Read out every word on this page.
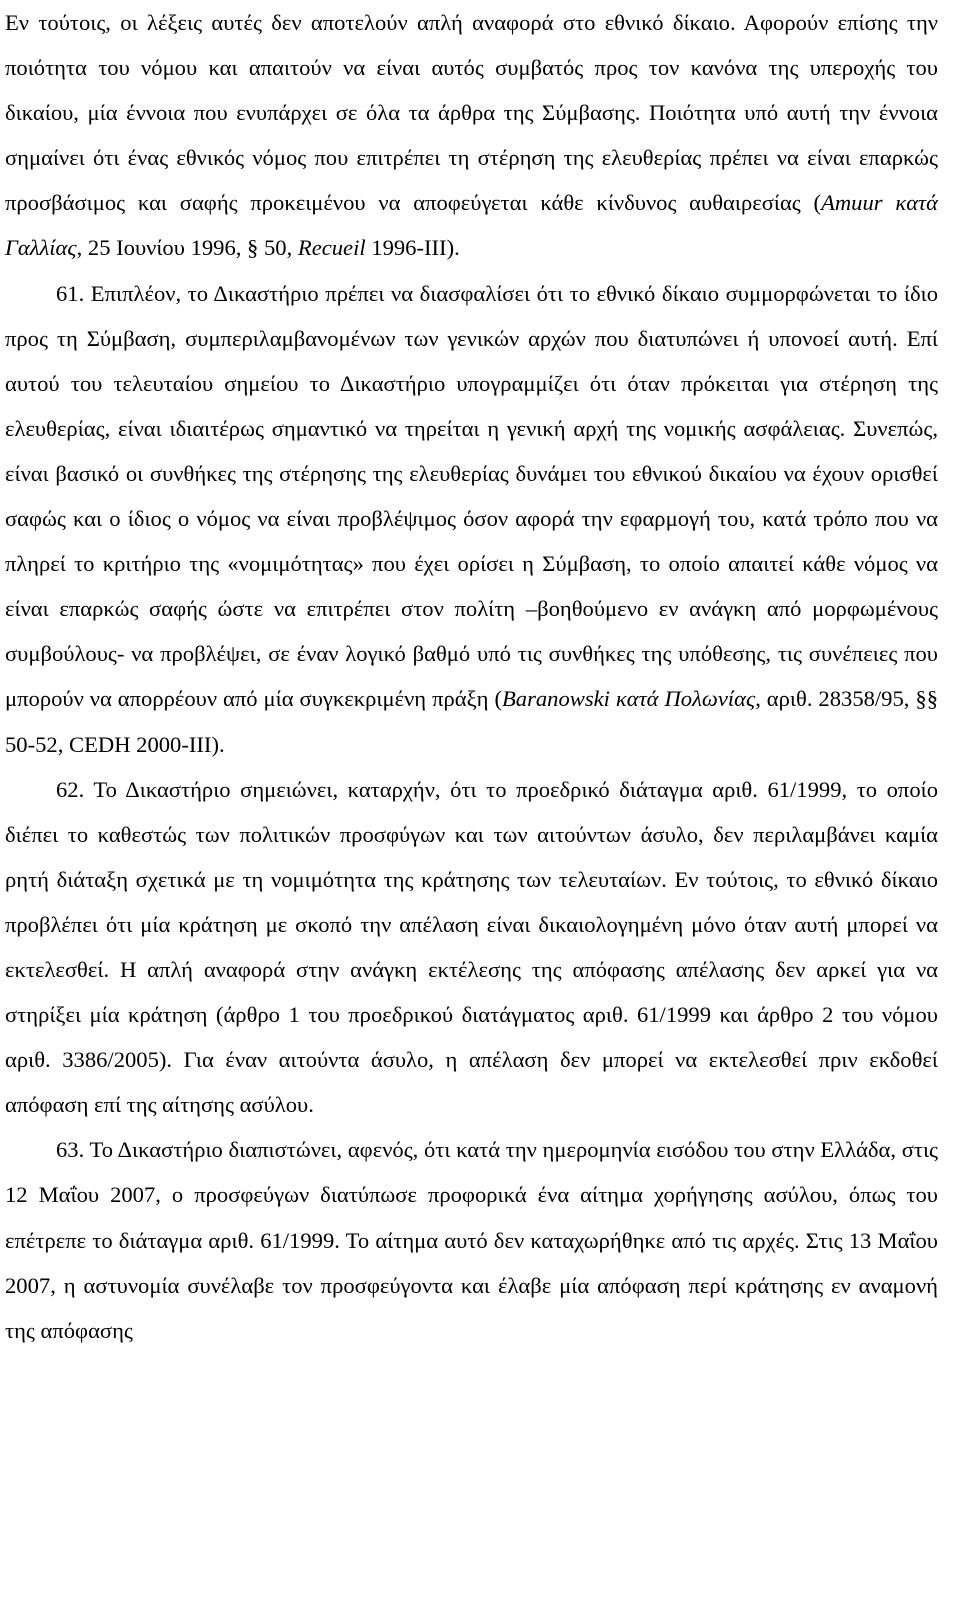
Εν τούτοις, οι λέξεις αυτές δεν αποτελούν απλή αναφορά στο εθνικό δίκαιο. Αφορούν επίσης την ποιότητα του νόμου και απαιτούν να είναι αυτός συμβατός προς τον κανόνα της υπεροχής του δικαίου, μία έννοια που ενυπάρχει σε όλα τα άρθρα της Σύμβασης. Ποιότητα υπό αυτή την έννοια σημαίνει ότι ένας εθνικός νόμος που επιτρέπει τη στέρηση της ελευθερίας πρέπει να είναι επαρκώς προσβάσιμος και σαφής προκειμένου να αποφεύγεται κάθε κίνδυνος αυθαιρεσίας (Amuur κατά Γαλλίας, 25 Ιουνίου 1996, § 50, Recueil 1996-III).

61. Επιπλέον, το Δικαστήριο πρέπει να διασφαλίσει ότι το εθνικό δίκαιο συμμορφώνεται το ίδιο προς τη Σύμβαση, συμπεριλαμβανομένων των γενικών αρχών που διατυπώνει ή υπονοεί αυτή. Επί αυτού του τελευταίου σημείου το Δικαστήριο υπογραμμίζει ότι όταν πρόκειται για στέρηση της ελευθερίας, είναι ιδιαιτέρως σημαντικό να τηρείται η γενική αρχή της νομικής ασφάλειας. Συνεπώς, είναι βασικό οι συνθήκες της στέρησης της ελευθερίας δυνάμει του εθνικού δικαίου να έχουν ορισθεί σαφώς και ο ίδιος ο νόμος να είναι προβλέψιμος όσον αφορά την εφαρμογή του, κατά τρόπο που να πληρεί το κριτήριο της «νομιμότητας» που έχει ορίσει η Σύμβαση, το οποίο απαιτεί κάθε νόμος να είναι επαρκώς σαφής ώστε να επιτρέπει στον πολίτη –βοηθούμενο εν ανάγκη από μορφωμένους συμβούλους- να προβλέψει, σε έναν λογικό βαθμό υπό τις συνθήκες της υπόθεσης, τις συνέπειες που μπορούν να απορρέουν από μία συγκεκριμένη πράξη (Baranowski κατά Πολωνίας, αριθ. 28358/95, §§ 50-52, CEDH 2000-III).

62. Το Δικαστήριο σημειώνει, καταρχήν, ότι το προεδρικό διάταγμα αριθ. 61/1999, το οποίο διέπει το καθεστώς των πολιτικών προσφύγων και των αιτούντων άσυλο, δεν περιλαμβάνει καμία ρητή διάταξη σχετικά με τη νομιμότητα της κράτησης των τελευταίων. Εν τούτοις, το εθνικό δίκαιο προβλέπει ότι μία κράτηση με σκοπό την απέλαση είναι δικαιολογημένη μόνο όταν αυτή μπορεί να εκτελεσθεί. Η απλή αναφορά στην ανάγκη εκτέλεσης της απόφασης απέλασης δεν αρκεί για να στηρίξει μία κράτηση (άρθρο 1 του προεδρικού διατάγματος αριθ. 61/1999 και άρθρο 2 του νόμου αριθ. 3386/2005). Για έναν αιτούντα άσυλο, η απέλαση δεν μπορεί να εκτελεσθεί πριν εκδοθεί απόφαση επί της αίτησης ασύλου.

63. Το Δικαστήριο διαπιστώνει, αφενός, ότι κατά την ημερομηνία εισόδου του στην Ελλάδα, στις 12 Μαΐου 2007, ο προσφεύγων διατύπωσε προφορικά ένα αίτημα χορήγησης ασύλου, όπως του επέτρεπε το διάταγμα αριθ. 61/1999. Το αίτημα αυτό δεν καταχωρήθηκε από τις αρχές. Στις 13 Μαΐου 2007, η αστυνομία συνέλαβε τον προσφεύγοντα και έλαβε μία απόφαση περί κράτησης εν αναμονή της απόφασης
